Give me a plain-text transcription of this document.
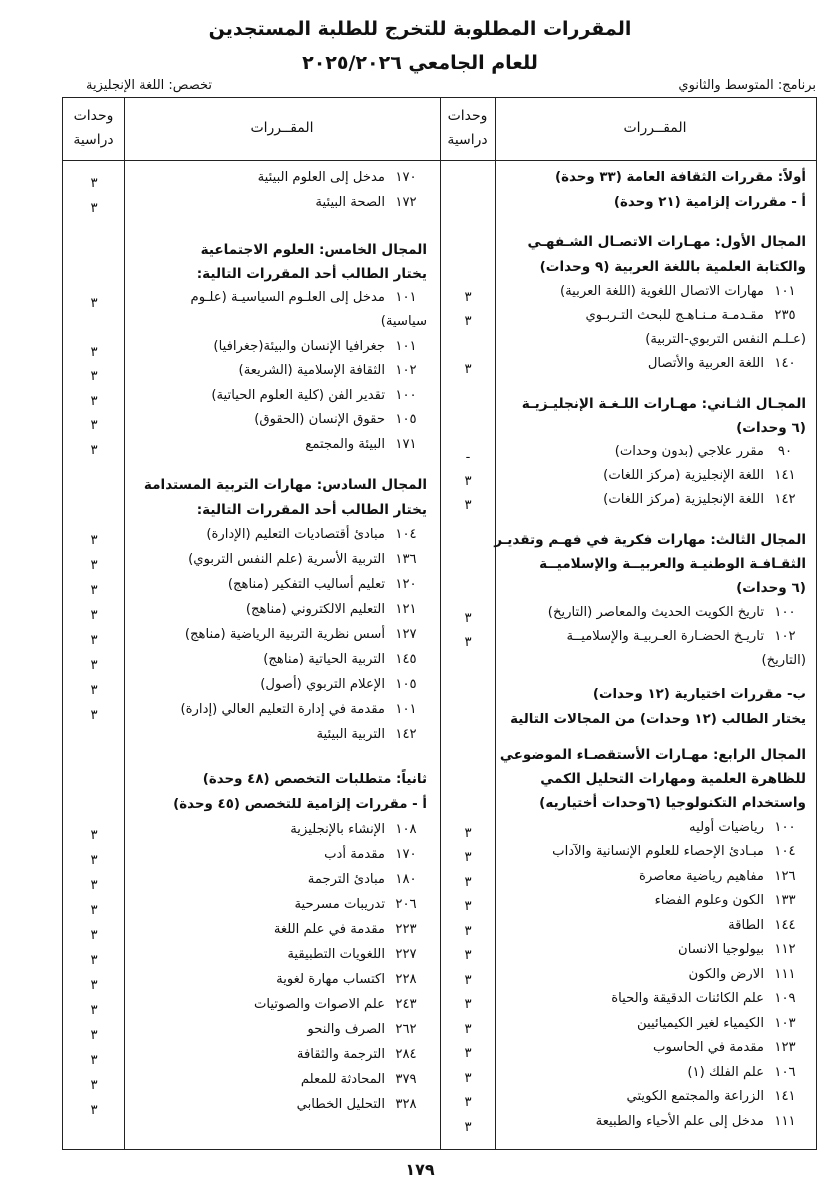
المقررات المطلوبة للتخرج للطلبة المستجدين
للعام الجامعي ٢٠٢٥/٢٠٢٦
برنامج: المتوسط والثانوي
تخصص: اللغة الإنجليزية
المقــررات
وحدات دراسية
المقــررات
وحدات دراسية
أولاً: مقررات الثقافة العامة (٣٣ وحدة)
أ - مقررات إلزامية (٢١ وحدة)
المجال الأول: مهـارات الاتصـال الشـفهـي
والكتابة العلمية باللغة العربية (٩ وحدات)
١٠١مهارات الاتصال اللغوية (اللغة العربية)
٣
٢٣٥مقـدمـة مـنـاهـج للبحث التـربـوي
٣
(عـلـم النفس التربوي-التربية)
١٤٠اللغة العربية والأتصال
٣
المجـال الثـاني: مهـارات اللـغـة الإنجليـزيـة
(٦ وحدات)
٩٠مقرر علاجي (بدون وحدات)
-
١٤١اللغة الإنجليزية (مركز اللغات)
٣
١٤٢اللغة الإنجليزية (مركز اللغات)
٣
المجال الثالث: مهارات فكرية في فهـم وتقديـر
الثقـافـة الوطنيـة والعربيــة والإسلاميــة
(٦ وحدات)
١٠٠تاريخ الكويت الحديث والمعاصر (التاريخ)
٣
١٠٢تاريـخ الحضـارة العـربيـة والإسلاميــة
٣
(التاريخ)
ب- مقررات اختيارية (١٢ وحدات)
يختار الطالب (١٢ وحدات) من المجالات التالية
المجال الرابع: مهـارات الأستقصـاء الموضوعي
للظاهرة العلمية ومهارات التحليل الكمي
واستخدام التكنولوجيا (٦وحدات أختياريه)
١٠٠رياضيات أوليه
٣
١٠٤مبـادئ الإحصاء للعلوم الإنسانية والآداب
٣
١٢٦مفاهيم رياضية معاصرة
٣
١٣٣الكون وعلوم الفضاء
٣
١٤٤الطاقة
٣
١١٢بيولوجيا الانسان
٣
١١١الارض والكون
٣
١٠٩علم الكائنات الدقيقة والحياة
٣
١٠٣الكيمياء لغير الكيميائيين
٣
١٢٣مقدمة في الحاسوب
٣
١٠٦علم الفلك (١)
٣
١٤١الزراعة والمجتمع الكويتي
٣
١١١مدخل إلى علم الأحياء والطبيعة
٣
١٧٠مدخل إلى العلوم البيئية
٣
١٧٢الصحة البيئية
٣
المجال الخامس: العلوم الاجتماعية
يختار الطالب أحد المقررات التالية:
١٠١مدخل إلى العلـوم السياسيـة (علـوم
٣
سياسية)
١٠١جغرافيا الإنسان والبيئة(جغرافيا)
٣
١٠٢الثقافة الإسلامية (الشريعة)
٣
١٠٠تقدير الفن (كلية العلوم الحياتية)
٣
١٠٥حقوق الإنسان (الحقوق)
٣
١٧١البيئة والمجتمع
٣
المجال السادس: مهارات التربية المستدامة
يختار الطالب أحد المقررات التالية:
١٠٤مبادئ أقتصاديات التعليم (الإدارة)
٣
١٣٦التربية الأسرية (علم النفس التربوي)
٣
١٢٠تعليم أساليب التفكير (مناهج)
٣
١٢١التعليم الالكتروني (مناهج)
٣
١٢٧أسس نظرية التربية الرياضية (مناهج)
٣
١٤٥التربية الحياتية (مناهج)
٣
١٠٥الإعلام التربوي (أصول)
٣
١٠١مقدمة في إدارة التعليم العالي (إدارة)
٣
١٤٢التربية البيئية
ثانياً: متطلبات التخصص (٤٨ وحدة)
أ - مقررات إلزامية للتخصص (٤٥ وحدة)
١٠٨الإنشاء بالإنجليزية
٣
١٧٠مقدمة أدب
٣
١٨٠مبادئ الترجمة
٣
٢٠٦تدريبات مسرحية
٣
٢٢٣مقدمة في علم اللغة
٣
٢٢٧اللغويات التطبيقية
٣
٢٢٨اكتساب مهارة لغوية
٣
٢٤٣علم الاصوات والصوتيات
٣
٢٦٢الصرف والنحو
٣
٢٨٤الترجمة والثقافة
٣
٣٧٩المحادثة للمعلم
٣
٣٢٨التحليل الخطابي
٣
١٧٩
